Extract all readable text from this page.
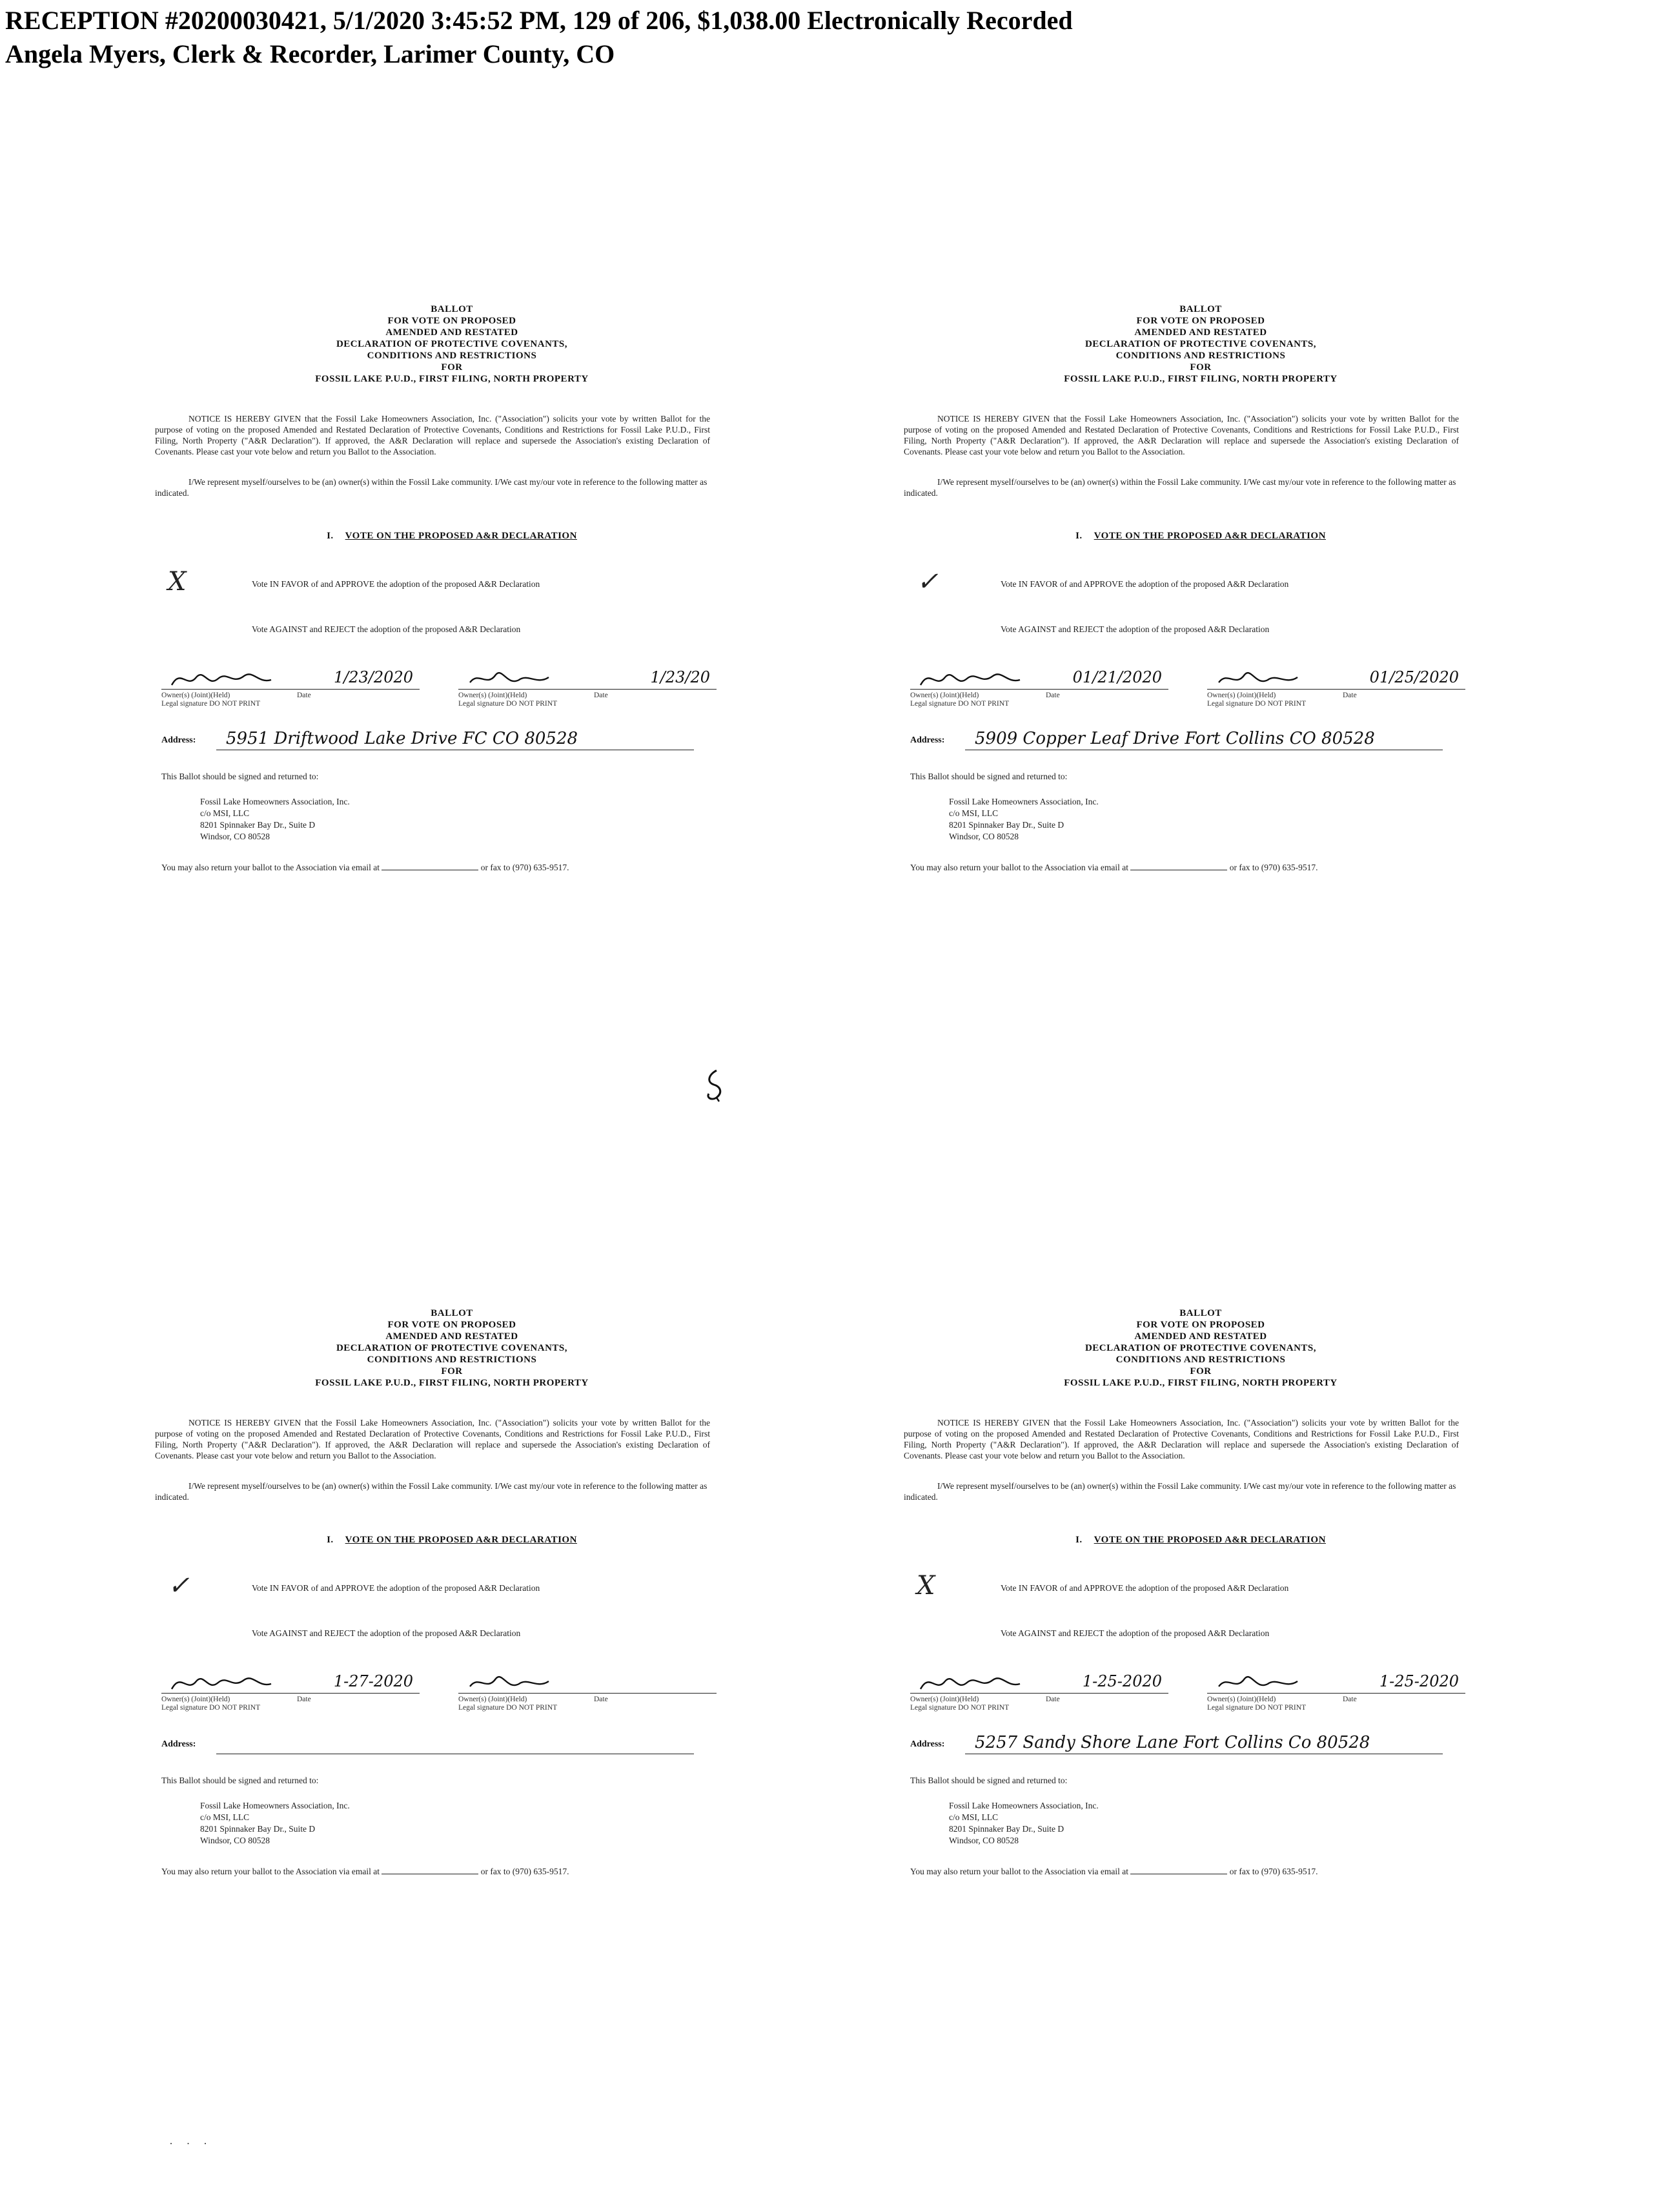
RECEPTION #20200030421, 5/1/2020 3:45:52 PM, 129 of 206, $1,038.00 Electronically Recorded
Angela Myers, Clerk & Recorder, Larimer County, CO
BALLOT
FOR VOTE ON PROPOSED
AMENDED AND RESTATED
DECLARATION OF PROTECTIVE COVENANTS,
CONDITIONS AND RESTRICTIONS
FOR
FOSSIL LAKE P.U.D., FIRST FILING, NORTH PROPERTY
NOTICE IS HEREBY GIVEN that the Fossil Lake Homeowners Association, Inc. ("Association") solicits your vote by written Ballot for the purpose of voting on the proposed Amended and Restated Declaration of Protective Covenants, Conditions and Restrictions for Fossil Lake P.U.D., First Filing, North Property ("A&R Declaration"). If approved, the A&R Declaration will replace and supersede the Association's existing Declaration of Covenants. Please cast your vote below and return you Ballot to the Association.
I/We represent myself/ourselves to be (an) owner(s) within the Fossil Lake community. I/We cast my/our vote in reference to the following matter as indicated.
I. VOTE ON THE PROPOSED A&R DECLARATION
X	Vote IN FAVOR of and APPROVE the adoption of the proposed A&R Declaration
Vote AGAINST and REJECT the adoption of the proposed A&R Declaration
1/23/2020
Owner(s) (Joint)(Held)	Date

Legal signature DO NOT PRINT
1/23/20
Owner(s) (Joint)(Held)	Date

Legal signature DO NOT PRINT
Address: 5951 Driftwood Lake Drive FC CO 80528
This Ballot should be signed and returned to:
Fossil Lake Homeowners Association, Inc.
c/o MSI, LLC
8201 Spinnaker Bay Dr., Suite D
Windsor, CO 80528
You may also return your ballot to the Association via email at	or fax to (970) 635-9517.
BALLOT
FOR VOTE ON PROPOSED
AMENDED AND RESTATED
DECLARATION OF PROTECTIVE COVENANTS,
CONDITIONS AND RESTRICTIONS
FOR
FOSSIL LAKE P.U.D., FIRST FILING, NORTH PROPERTY
NOTICE IS HEREBY GIVEN that the Fossil Lake Homeowners Association, Inc. ("Association") solicits your vote by written Ballot for the purpose of voting on the proposed Amended and Restated Declaration of Protective Covenants, Conditions and Restrictions for Fossil Lake P.U.D., First Filing, North Property ("A&R Declaration"). If approved, the A&R Declaration will replace and supersede the Association's existing Declaration of Covenants. Please cast your vote below and return you Ballot to the Association.
I/We represent myself/ourselves to be (an) owner(s) within the Fossil Lake community. I/We cast my/our vote in reference to the following matter as indicated.
I. VOTE ON THE PROPOSED A&R DECLARATION
✓	Vote IN FAVOR of and APPROVE the adoption of the proposed A&R Declaration
Vote AGAINST and REJECT the adoption of the proposed A&R Declaration
01/21/2020
Owner(s) (Joint)(Held)	Date

Legal signature DO NOT PRINT
01/25/2020
Owner(s) (Joint)(Held)	Date

Legal signature DO NOT PRINT
Address: 5909 Copper Leaf Drive Fort Collins CO 80528
This Ballot should be signed and returned to:
Fossil Lake Homeowners Association, Inc.
c/o MSI, LLC
8201 Spinnaker Bay Dr., Suite D
Windsor, CO 80528
You may also return your ballot to the Association via email at	or fax to (970) 635-9517.
BALLOT
FOR VOTE ON PROPOSED
AMENDED AND RESTATED
DECLARATION OF PROTECTIVE COVENANTS,
CONDITIONS AND RESTRICTIONS
FOR
FOSSIL LAKE P.U.D., FIRST FILING, NORTH PROPERTY
NOTICE IS HEREBY GIVEN that the Fossil Lake Homeowners Association, Inc. ("Association") solicits your vote by written Ballot for the purpose of voting on the proposed Amended and Restated Declaration of Protective Covenants, Conditions and Restrictions for Fossil Lake P.U.D., First Filing, North Property ("A&R Declaration"). If approved, the A&R Declaration will replace and supersede the Association's existing Declaration of Covenants. Please cast your vote below and return you Ballot to the Association.
I/We represent myself/ourselves to be (an) owner(s) within the Fossil Lake community. I/We cast my/our vote in reference to the following matter as indicated.
I. VOTE ON THE PROPOSED A&R DECLARATION
✓	Vote IN FAVOR of and APPROVE the adoption of the proposed A&R Declaration
Vote AGAINST and REJECT the adoption of the proposed A&R Declaration
1-27-2020
Owner(s) (Joint)(Held)	Date

Legal signature DO NOT PRINT
Owner(s) (Joint)(Held)	Date

Legal signature DO NOT PRINT
Address:
This Ballot should be signed and returned to:
Fossil Lake Homeowners Association, Inc.
c/o MSI, LLC
8201 Spinnaker Bay Dr., Suite D
Windsor, CO 80528
You may also return your ballot to the Association via email at	or fax to (970) 635-9517.
BALLOT
FOR VOTE ON PROPOSED
AMENDED AND RESTATED
DECLARATION OF PROTECTIVE COVENANTS,
CONDITIONS AND RESTRICTIONS
FOR
FOSSIL LAKE P.U.D., FIRST FILING, NORTH PROPERTY
NOTICE IS HEREBY GIVEN that the Fossil Lake Homeowners Association, Inc. ("Association") solicits your vote by written Ballot for the purpose of voting on the proposed Amended and Restated Declaration of Protective Covenants, Conditions and Restrictions for Fossil Lake P.U.D., First Filing, North Property ("A&R Declaration"). If approved, the A&R Declaration will replace and supersede the Association's existing Declaration of Covenants. Please cast your vote below and return you Ballot to the Association.
I/We represent myself/ourselves to be (an) owner(s) within the Fossil Lake community. I/We cast my/our vote in reference to the following matter as indicated.
I. VOTE ON THE PROPOSED A&R DECLARATION
X	Vote IN FAVOR of and APPROVE the adoption of the proposed A&R Declaration
Vote AGAINST and REJECT the adoption of the proposed A&R Declaration
1-25-2020
Owner(s) (Joint)(Held)	Date

Legal signature DO NOT PRINT
1-25-2020
Owner(s) (Joint)(Held)	Date

Legal signature DO NOT PRINT
Address: 5257 Sandy Shore Lane Fort Collins Co 80528
This Ballot should be signed and returned to:
Fossil Lake Homeowners Association, Inc.
c/o MSI, LLC
8201 Spinnaker Bay Dr., Suite D
Windsor, CO 80528
You may also return your ballot to the Association via email at	or fax to (970) 635-9517.
· · ·
